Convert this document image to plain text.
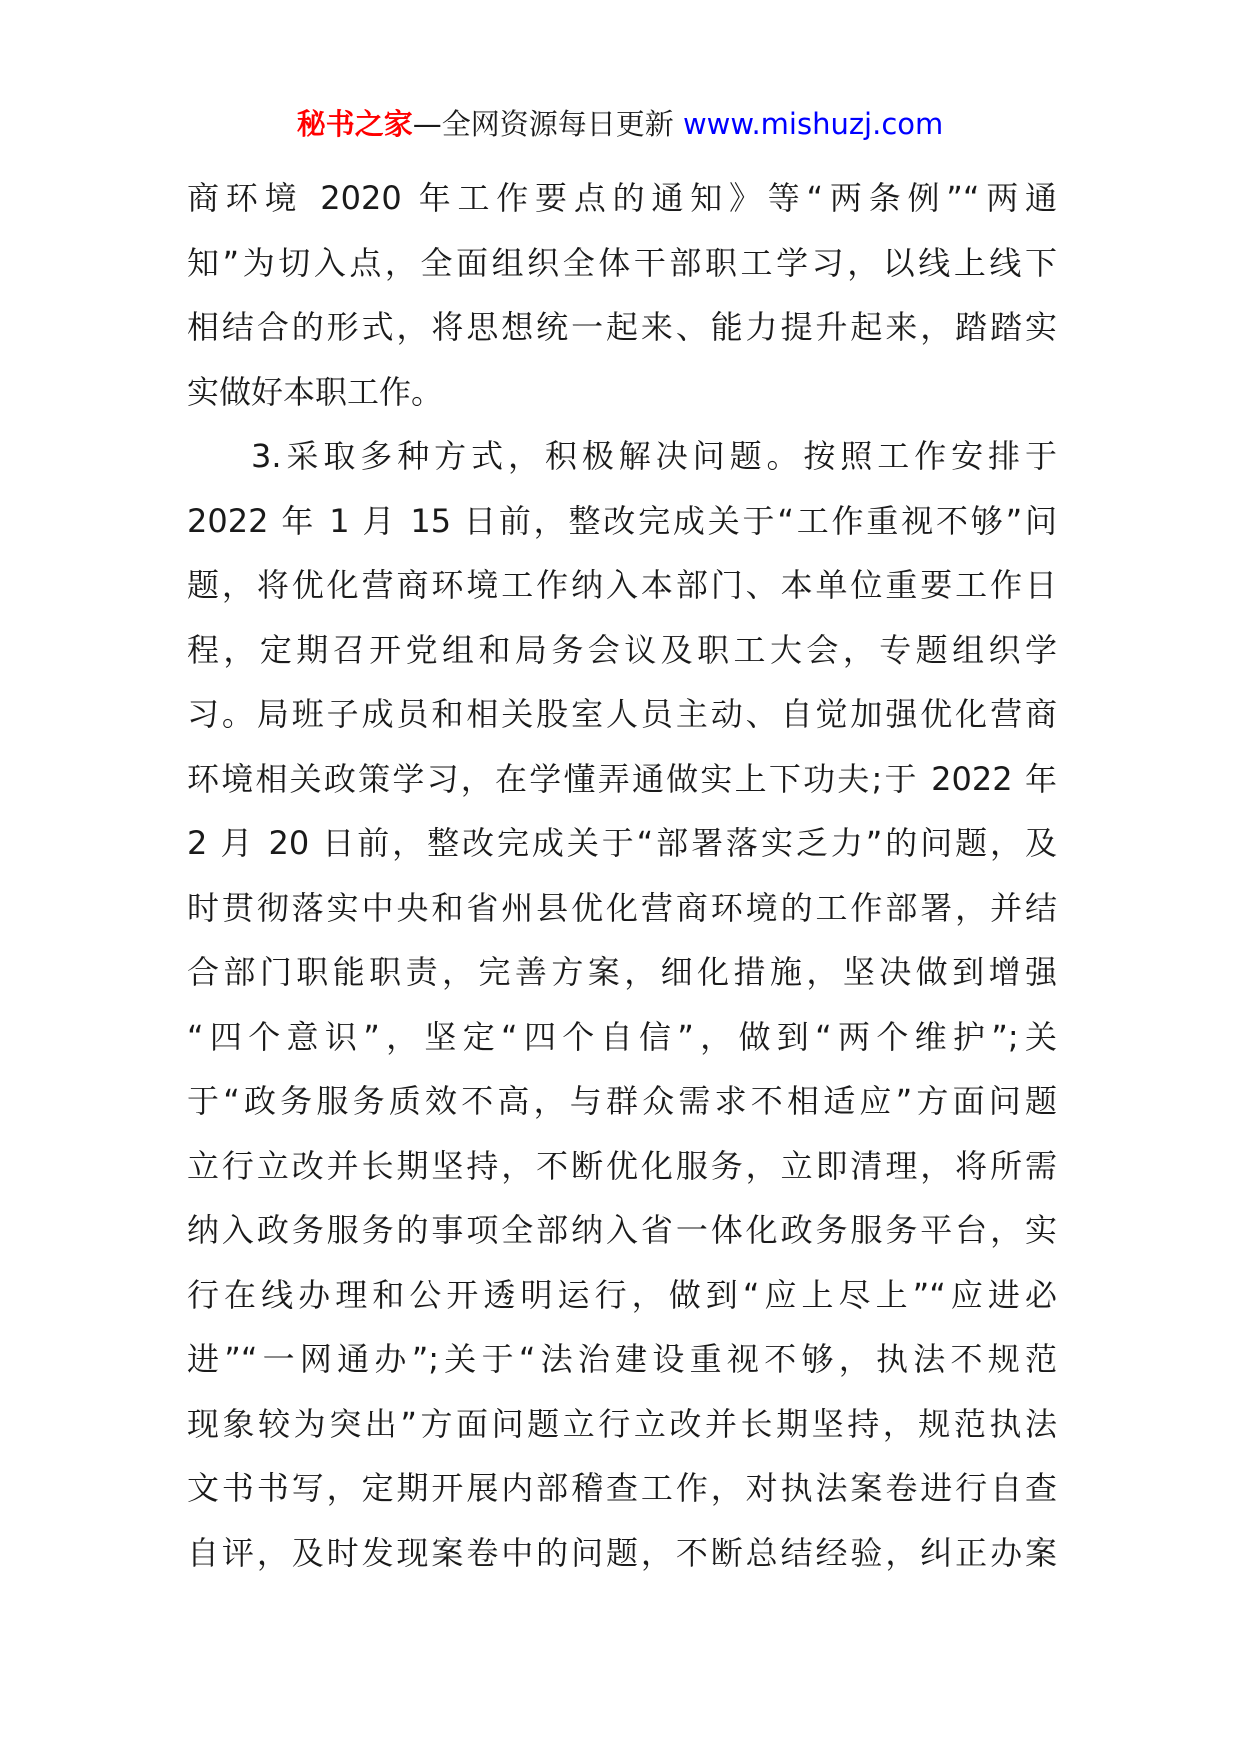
秘书之家—全网资源每日更新 www.mishuzj.com
商环境 2020 年工作要点的通知》等“两条例”“两通
知”为切入点，全面组织全体干部职工学习，以线上线下
相结合的形式，将思想统一起来、能力提升起来，踏踏实
实做好本职工作。
3.采取多种方式，积极解决问题。按照工作安排于
2022 年 1 月 15 日前，整改完成关于“工作重视不够”问
题，将优化营商环境工作纳入本部门、本单位重要工作日
程，定期召开党组和局务会议及职工大会，专题组织学
习。局班子成员和相关股室人员主动、自觉加强优化营商
环境相关政策学习，在学懂弄通做实上下功夫;于 2022 年
2 月 20 日前，整改完成关于“部署落实乏力”的问题，及
时贯彻落实中央和省州县优化营商环境的工作部署，并结
合部门职能职责，完善方案，细化措施，坚决做到增强
“四个意识”，坚定“四个自信”，做到“两个维护”;关
于“政务服务质效不高，与群众需求不相适应”方面问题
立行立改并长期坚持，不断优化服务，立即清理，将所需
纳入政务服务的事项全部纳入省一体化政务服务平台，实
行在线办理和公开透明运行，做到“应上尽上”“应进必
进”“一网通办”;关于“法治建设重视不够，执法不规范
现象较为突出”方面问题立行立改并长期坚持，规范执法
文书书写，定期开展内部稽查工作，对执法案卷进行自查
自评，及时发现案卷中的问题，不断总结经验，纠正办案
